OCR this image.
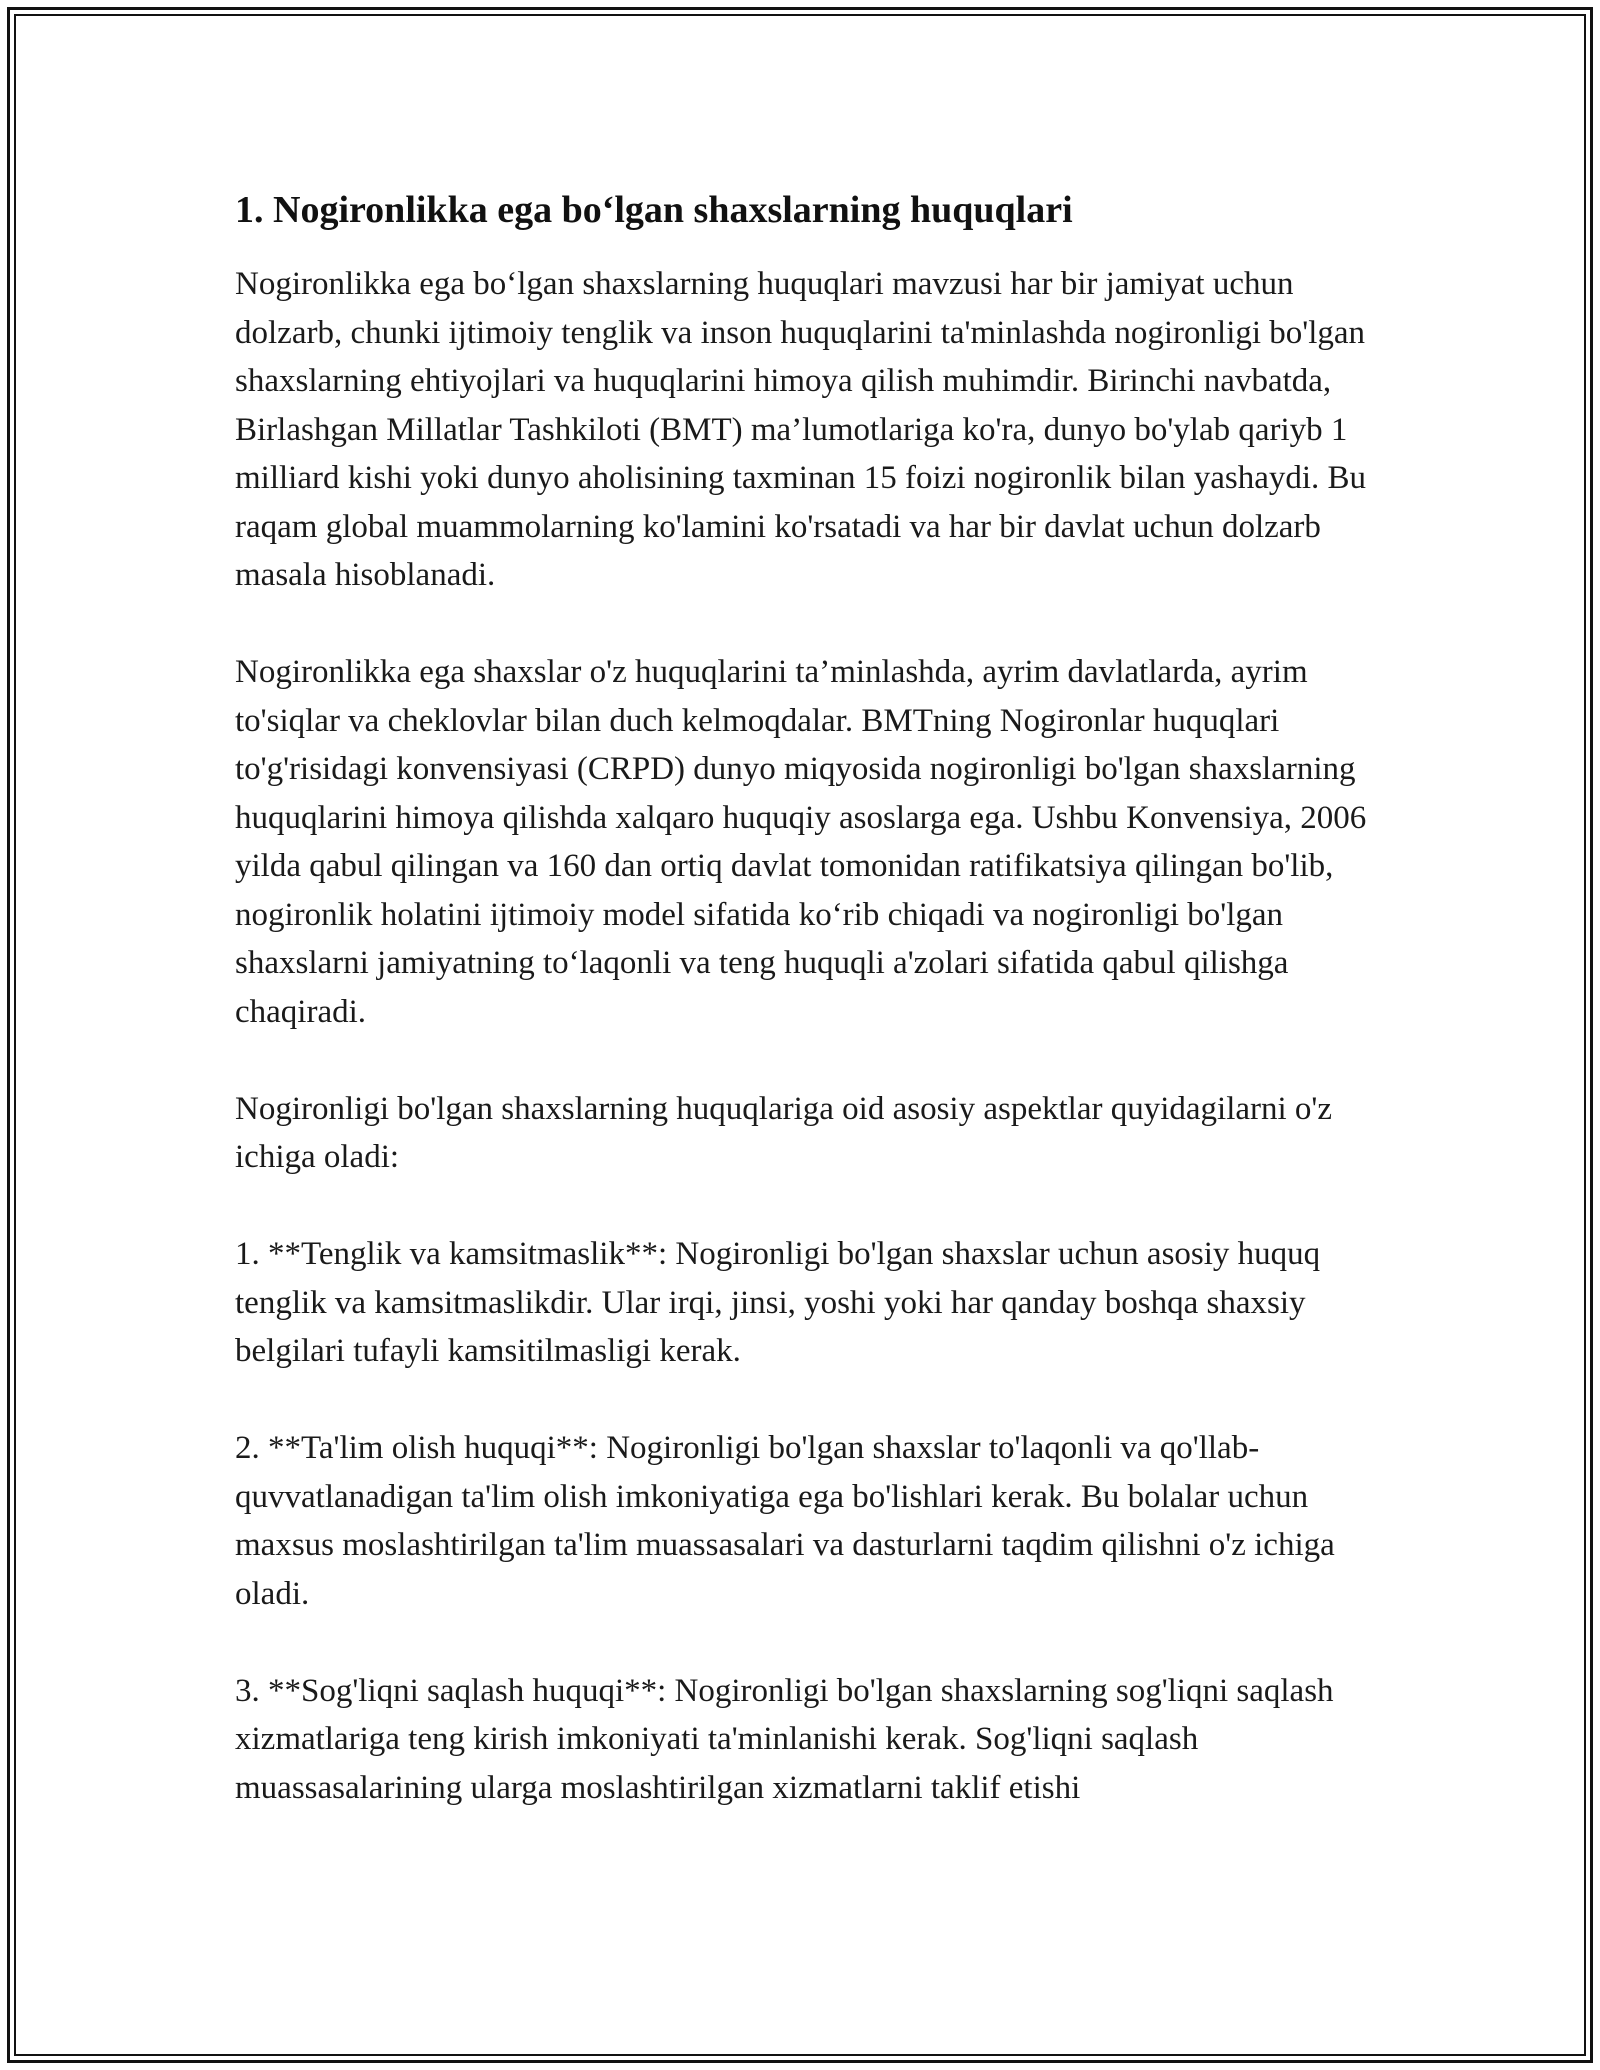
1. Nogironlikka ega bo‘lgan shaxslarning huquqlari

Nogironlikka ega bo‘lgan shaxslarning huquqlari mavzusi har bir jamiyat uchun dolzarb, chunki ijtimoiy tenglik va inson huquqlarini ta'minlashda nogironligi bo'lgan shaxslarning ehtiyojlari va huquqlarini himoya qilish muhimdir. Birinchi navbatda, Birlashgan Millatlar Tashkiloti (BMT) ma’lumotlariga ko'ra, dunyo bo'ylab qariyb 1 milliard kishi yoki dunyo aholisining taxminan 15 foizi nogironlik bilan yashaydi. Bu raqam global muammolarning ko'lamini ko'rsatadi va har bir davlat uchun dolzarb masala hisoblanadi.

Nogironlikka ega shaxslar o'z huquqlarini ta’minlashda, ayrim davlatlarda, ayrim to'siqlar va cheklovlar bilan duch kelmoqdalar. BMTning Nogironlar huquqlari to'g'risidagi konvensiyasi (CRPD) dunyo miqyosida nogironligi bo'lgan shaxslarning huquqlarini himoya qilishda xalqaro huquqiy asoslarga ega. Ushbu Konvensiya, 2006 yilda qabul qilingan va 160 dan ortiq davlat tomonidan ratifikatsiya qilingan bo'lib, nogironlik holatini ijtimoiy model sifatida ko‘rib chiqadi va nogironligi bo'lgan shaxslarni jamiyatning to‘laqonli va teng huquqli a'zolari sifatida qabul qilishga chaqiradi.

Nogironligi bo'lgan shaxslarning huquqlariga oid asosiy aspektlar quyidagilarni o'z ichiga oladi:

1. **Tenglik va kamsitmaslik**: Nogironligi bo'lgan shaxslar uchun asosiy huquq tenglik va kamsitmaslikdir. Ular irqi, jinsi, yoshi yoki har qanday boshqa shaxsiy belgilari tufayli kamsitilmasligi kerak.

2. **Ta'lim olish huquqi**: Nogironligi bo'lgan shaxslar to'laqonli va qo'llab-quvvatlanadigan ta'lim olish imkoniyatiga ega bo'lishlari kerak. Bu bolalar uchun maxsus moslashtirilgan ta'lim muassasalari va dasturlarni taqdim qilishni o'z ichiga oladi.

3. **Sog'liqni saqlash huquqi**: Nogironligi bo'lgan shaxslarning sog'liqni saqlash xizmatlariga teng kirish imkoniyati ta'minlanishi kerak. Sog'liqni saqlash muassasalarining ularga moslashtirilgan xizmatlarni taklif etishi
